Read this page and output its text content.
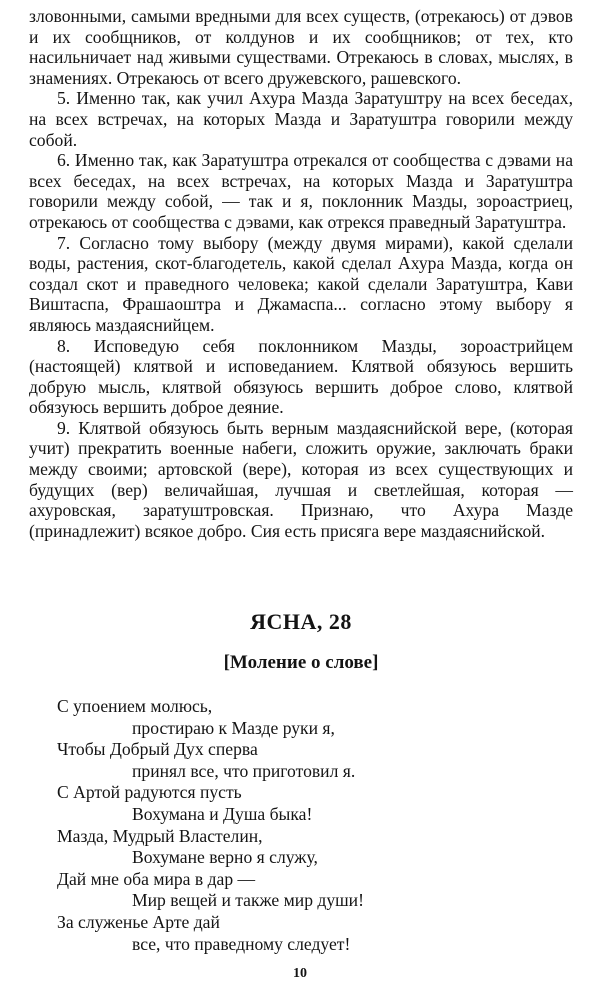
зловонными, самыми вредными для всех существ, (отрекаюсь) от дэвов и их сообщников, от колдунов и их сообщников; от тех, кто насильничает над живыми существами. Отрекаюсь в словах, мыслях, в знамениях. Отрекаюсь от всего дружевского, рашевского.

5. Именно так, как учил Ахура Мазда Заратуштру на всех беседах, на всех встречах, на которых Мазда и Заратуштра говорили между собой.

6. Именно так, как Заратуштра отрекался от сообщества с дэвами на всех беседах, на всех встречах, на которых Мазда и Заратуштра говорили между собой, — так и я, поклонник Мазды, зороастриец, отрекаюсь от сообщества с дэвами, как отрекся праведный Заратуштра.

7. Согласно тому выбору (между двумя мирами), какой сделали воды, растения, скот-благодетель, какой сделал Ахура Мазда, когда он создал скот и праведного человека; какой сделали Заратуштра, Кави Виштаспа, Фрашаоштра и Джамаспа... согласно этому выбору я являюсь маздаяснийцем.

8. Исповедую себя поклонником Мазды, зороастрийцем (настоящей) клятвой и исповеданием. Клятвой обязуюсь вершить добрую мысль, клятвой обязуюсь вершить доброе слово, клятвой обязуюсь вершить доброе деяние.

9. Клятвой обязуюсь быть верным маздаяснийской вере, (которая учит) прекратить военные набеги, сложить оружие, заключать браки между своими; артовской (вере), которая из всех существующих и будущих (вер) величайшая, лучшая и светлейшая, которая — ахуровская, заратуштровская. Признаю, что Ахура Мазде (принадлежит) всякое добро. Сия есть присяга вере маздаяснийской.

ЯСНА, 28
[Моление о слове]
С упоением молюсь,
простираю к Мазде руки я,
Чтобы Добрый Дух сперва
принял все, что приготовил я.
С Артой радуются пусть
Вохумана и Душа быка!
Мазда, Мудрый Властелин,
Вохумане верно я служу,
Дай мне оба мира в дар —
Мир вещей и также мир души!
За служенье Арте дай
все, что праведному следует!
10
